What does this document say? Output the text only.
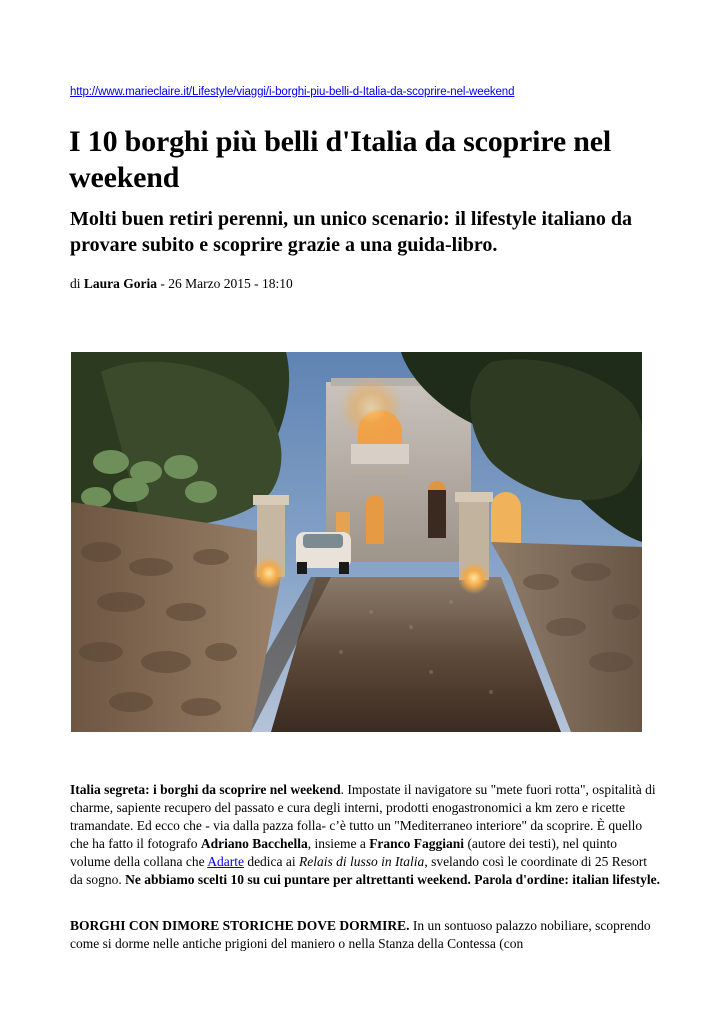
http://www.marieclaire.it/Lifestyle/viaggi/i-borghi-piu-belli-d-Italia-da-scoprire-nel-weekend
I 10 borghi più belli d'Italia da scoprire nel weekend
Molti buen retiri perenni, un unico scenario: il lifestyle italiano da provare subito e scoprire grazie a una guida-libro.
di Laura Goria - 26 Marzo 2015 - 18:10

Italia segreta: i borghi da scoprire nel weekend. Impostate il navigatore su "mete fuori rotta", ospitalità di charme, sapiente recupero del passato e cura degli interni, prodotti enogastronomici a km zero e ricette tramandate. Ed ecco che - via dalla pazza folla- c’è tutto un "Mediterraneo interiore" da scoprire. È quello che ha fatto il fotografo Adriano Bacchella, insieme a Franco Faggiani (autore dei testi), nel quinto volume della collana che Adarte dedica ai Relais di lusso in Italia, svelando così le coordinate di 25 Resort da sogno. Ne abbiamo scelti 10 su cui puntare per altrettanti weekend. Parola d'ordine: italian lifestyle.

BORGHI CON DIMORE STORICHE DOVE DORMIRE. In un sontuoso palazzo nobiliare, scoprendo come si dorme nelle antiche prigioni del maniero o nella Stanza della Contessa (con
